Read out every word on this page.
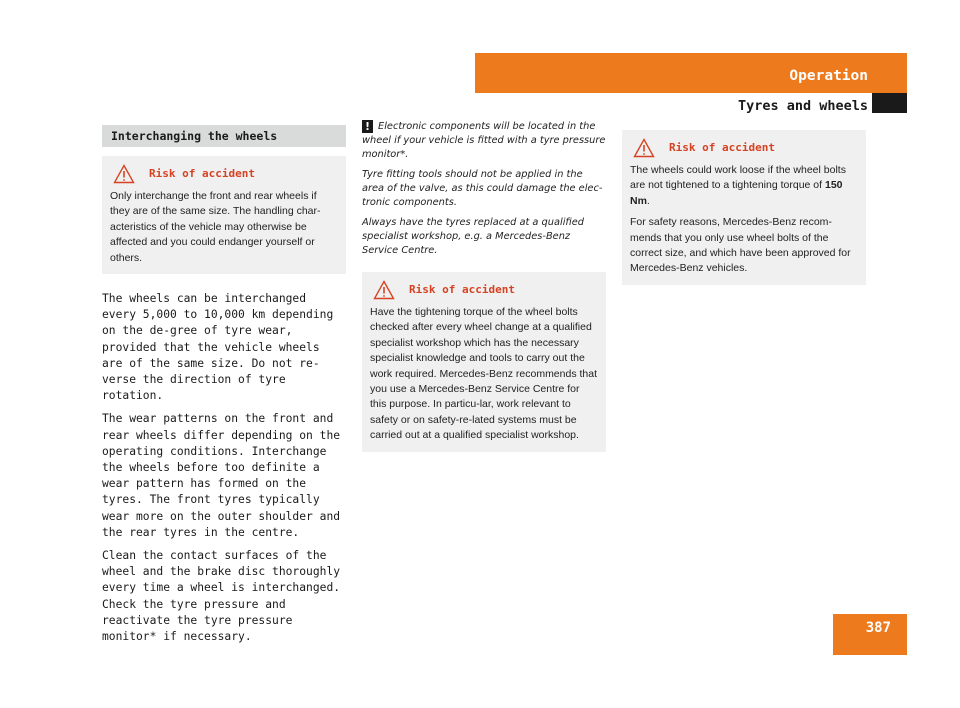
Operation
Tyres and wheels
Interchanging the wheels
Risk of accident

Only interchange the front and rear wheels if they are of the same size. The handling char-acteristics of the vehicle may otherwise be affected and you could endanger yourself or others.

The wheels can be interchanged every 5,000 to 10,000 km depending on the de-gree of tyre wear, provided that the vehicle wheels are of the same size. Do not re-verse the direction of tyre rotation.

The wear patterns on the front and rear wheels differ depending on the operating conditions. Interchange the wheels before too definite a wear pattern has formed on the tyres. The front tyres typically wear more on the outer shoulder and the rear tyres in the centre.

Clean the contact surfaces of the wheel and the brake disc thoroughly every time a wheel is interchanged. Check the tyre pressure and reactivate the tyre pressure monitor* if necessary.

! Electronic components will be located in the wheel if your vehicle is fitted with a tyre pressure monitor*.

Tyre fitting tools should not be applied in the area of the valve, as this could damage the elec-tronic components.

Always have the tyres replaced at a qualified specialist workshop, e.g. a Mercedes-Benz Service Centre.

Risk of accident

Have the tightening torque of the wheel bolts checked after every wheel change at a qualified specialist workshop which has the necessary specialist knowledge and tools to carry out the work required. Mercedes-Benz recommends that you use a Mercedes-Benz Service Centre for this purpose. In particu-lar, work relevant to safety or on safety-re-lated systems must be carried out at a qualified specialist workshop.

Risk of accident

The wheels could work loose if the wheel bolts are not tightened to a tightening torque of 150 Nm.

For safety reasons, Mercedes-Benz recom-mends that you only use wheel bolts of the correct size, and which have been approved for Mercedes-Benz vehicles.

387
